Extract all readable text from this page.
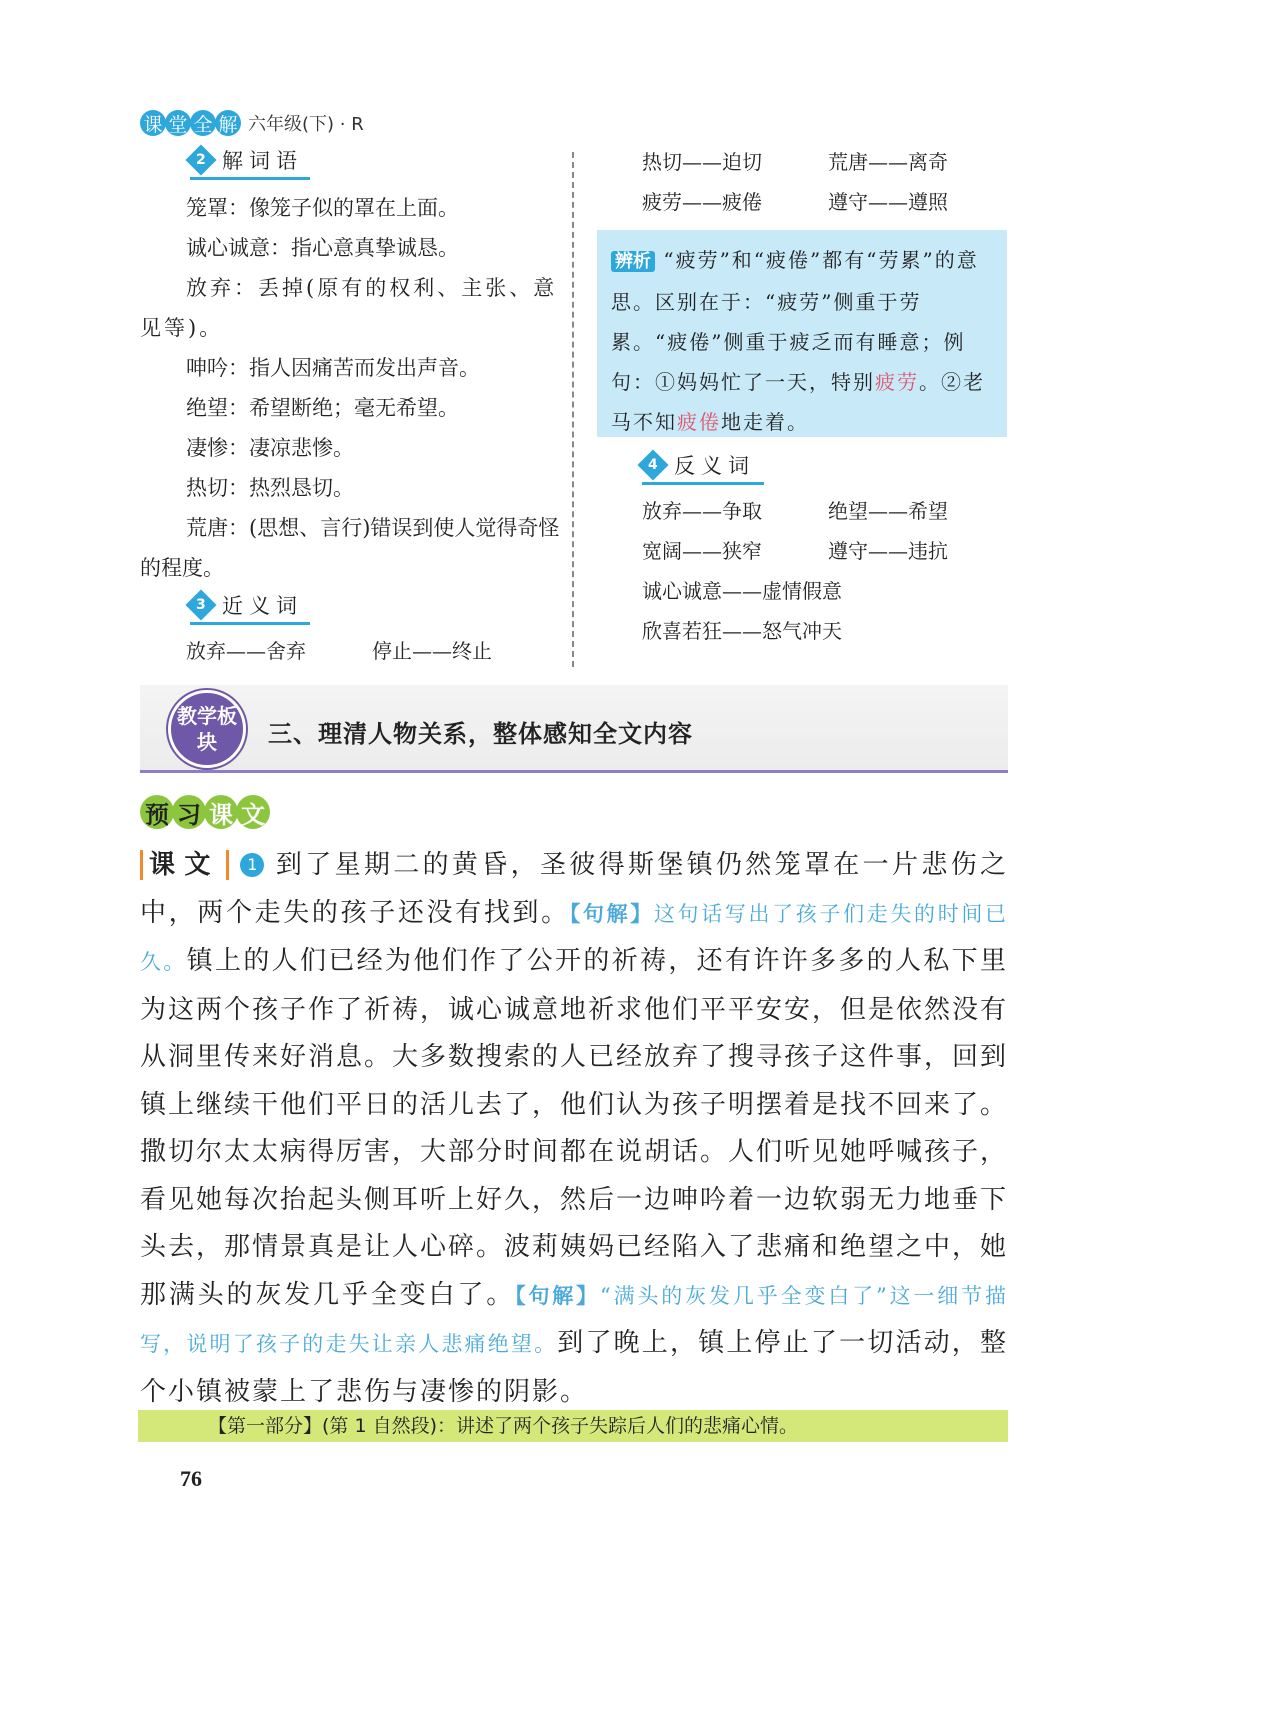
课 堂 全 解 六年级(下) · R
2 解词语

笼罩：像笼子似的罩在上面。

诚心诚意：指心意真挚诚恳。

放弃：丢掉(原有的权利、主张、意见等)。

呻吟：指人因痛苦而发出声音。

绝望：希望断绝；毫无希望。

凄惨：凄凉悲惨。

热切：热烈恳切。

荒唐：(思想、言行)错误到使人觉得奇怪的程度。

3 近义词
放弃——舍弃	停止——终止
热切——迫切	荒唐——离奇
疲劳——疲倦	遵守——遵照
辨析 “疲劳”和“疲倦”都有“劳累”的意思。区别在于：“疲劳”侧重于劳累。“疲倦”侧重于疲乏而有睡意；例句：①妈妈忙了一天，特别疲劳。②老马不知疲倦地走着。
4 反义词
放弃——争取	绝望——希望
宽阔——狭窄	遵守——违抗
诚心诚意——虚情假意
欣喜若狂——怒气冲天
教学板块	三、理清人物关系，整体感知全文内容
预 习 课 文
课文 1 到了星期二的黄昏，圣彼得斯堡镇仍然笼罩在一片悲伤之中，两个走失的孩子还没有找到。【句解】这句话写出了孩子们走失的时间已久。镇上的人们已经为他们作了公开的祈祷，还有许许多多的人私下里为这两个孩子作了祈祷，诚心诚意地祈求他们平平安安，但是依然没有从洞里传来好消息。大多数搜索的人已经放弃了搜寻孩子这件事，回到镇上继续干他们平日的活儿去了，他们认为孩子明摆着是找不回来了。撒切尔太太病得厉害，大部分时间都在说胡话。人们听见她呼喊孩子，看见她每次抬起头侧耳听上好久，然后一边呻吟着一边软弱无力地垂下头去，那情景真是让人心碎。波莉姨妈已经陷入了悲痛和绝望之中，她那满头的灰发几乎全变白了。【句解】“满头的灰发几乎全变白了”这一细节描写，说明了孩子的走失让亲人悲痛绝望。到了晚上，镇上停止了一切活动，整个小镇被蒙上了悲伤与凄惨的阴影。
【第一部分】(第 1 自然段)：讲述了两个孩子失踪后人们的悲痛心情。
76
